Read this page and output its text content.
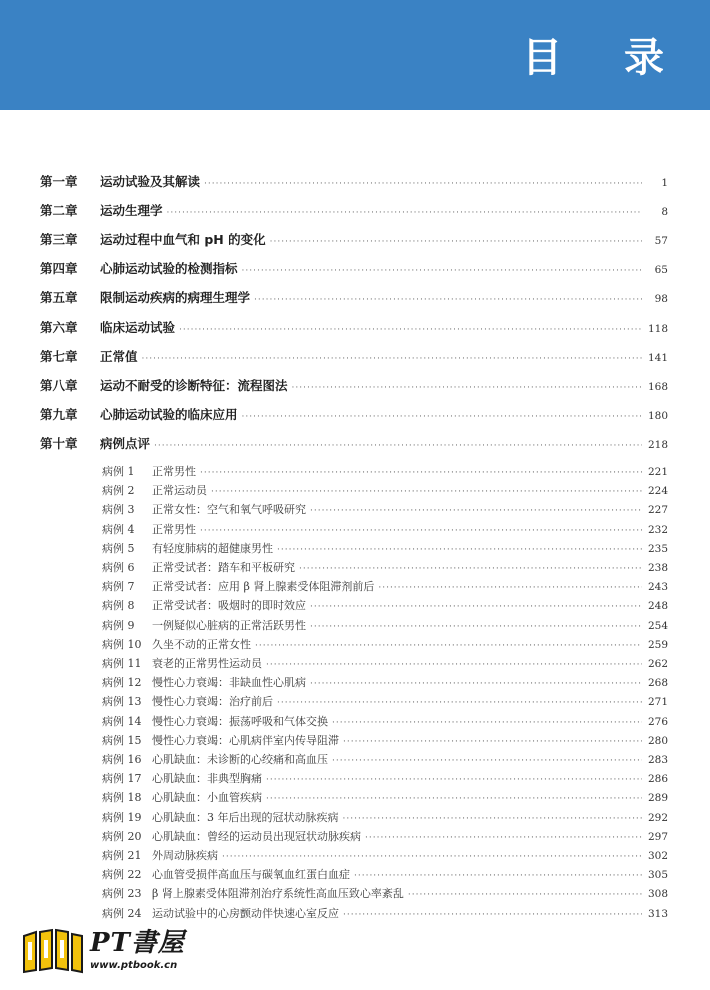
目 录
第一章	运动试验及其解读 ·····	1
第二章	运动生理学 ·····	8
第三章	运动过程中血气和 pH 的变化 ·····	57
第四章	心肺运动试验的检测指标 ·····	65
第五章	限制运动疾病的病理生理学 ·····	98
第六章	临床运动试验 ·····	118
第七章	正常值 ·····	141
第八章	运动不耐受的诊断特征：流程图法 ·····	168
第九章	心肺运动试验的临床应用 ·····	180
第十章	病例点评 ·····	218
病例 1	正常男性 ·····	221
病例 2	正常运动员 ·····	224
病例 3	正常女性：空气和氧气呼吸研究 ·····	227
病例 4	正常男性 ·····	232
病例 5	有轻度肺病的超健康男性 ·····	235
病例 6	正常受试者：踏车和平板研究 ·····	238
病例 7	正常受试者：应用 β 肾上腺素受体阻滞剂前后 ·····	243
病例 8	正常受试者：吸烟时的即时效应 ·····	248
病例 9	一例疑似心脏病的正常活跃男性 ·····	254
病例 10 久坐不动的正常女性 ·····	259
病例 11 衰老的正常男性运动员 ·····	262
病例 12 慢性心力衰竭：非缺血性心肌病 ·····	268
病例 13 慢性心力衰竭：治疗前后 ·····	271
病例 14 慢性心力衰竭：振荡呼吸和气体交换 ·····	276
病例 15 慢性心力衰竭：心肌病伴室内传导阻滞 ·····	280
病例 16 心肌缺血：未诊断的心绞痛和高血压 ·····	283
病例 17 心肌缺血：非典型胸痛 ·····	286
病例 18 心肌缺血：小血管疾病 ·····	289
病例 19 心肌缺血：3 年后出现的冠状动脉疾病 ·····	292
病例 20 心肌缺血：曾经的运动员出现冠状动脉疾病 ·····	297
病例 21 外周动脉疾病 ·····	302
病例 22 心血管受损伴高血压与碳氧血红蛋白血症 ·····	305
病例 23 β 肾上腺素受体阻滞剂治疗系统性高血压致心率紊乱 ·····	308
病例 24 运动试验中的心房颤动伴快速心室反应 ·····	313
PT書屋
www.ptbook.cn
